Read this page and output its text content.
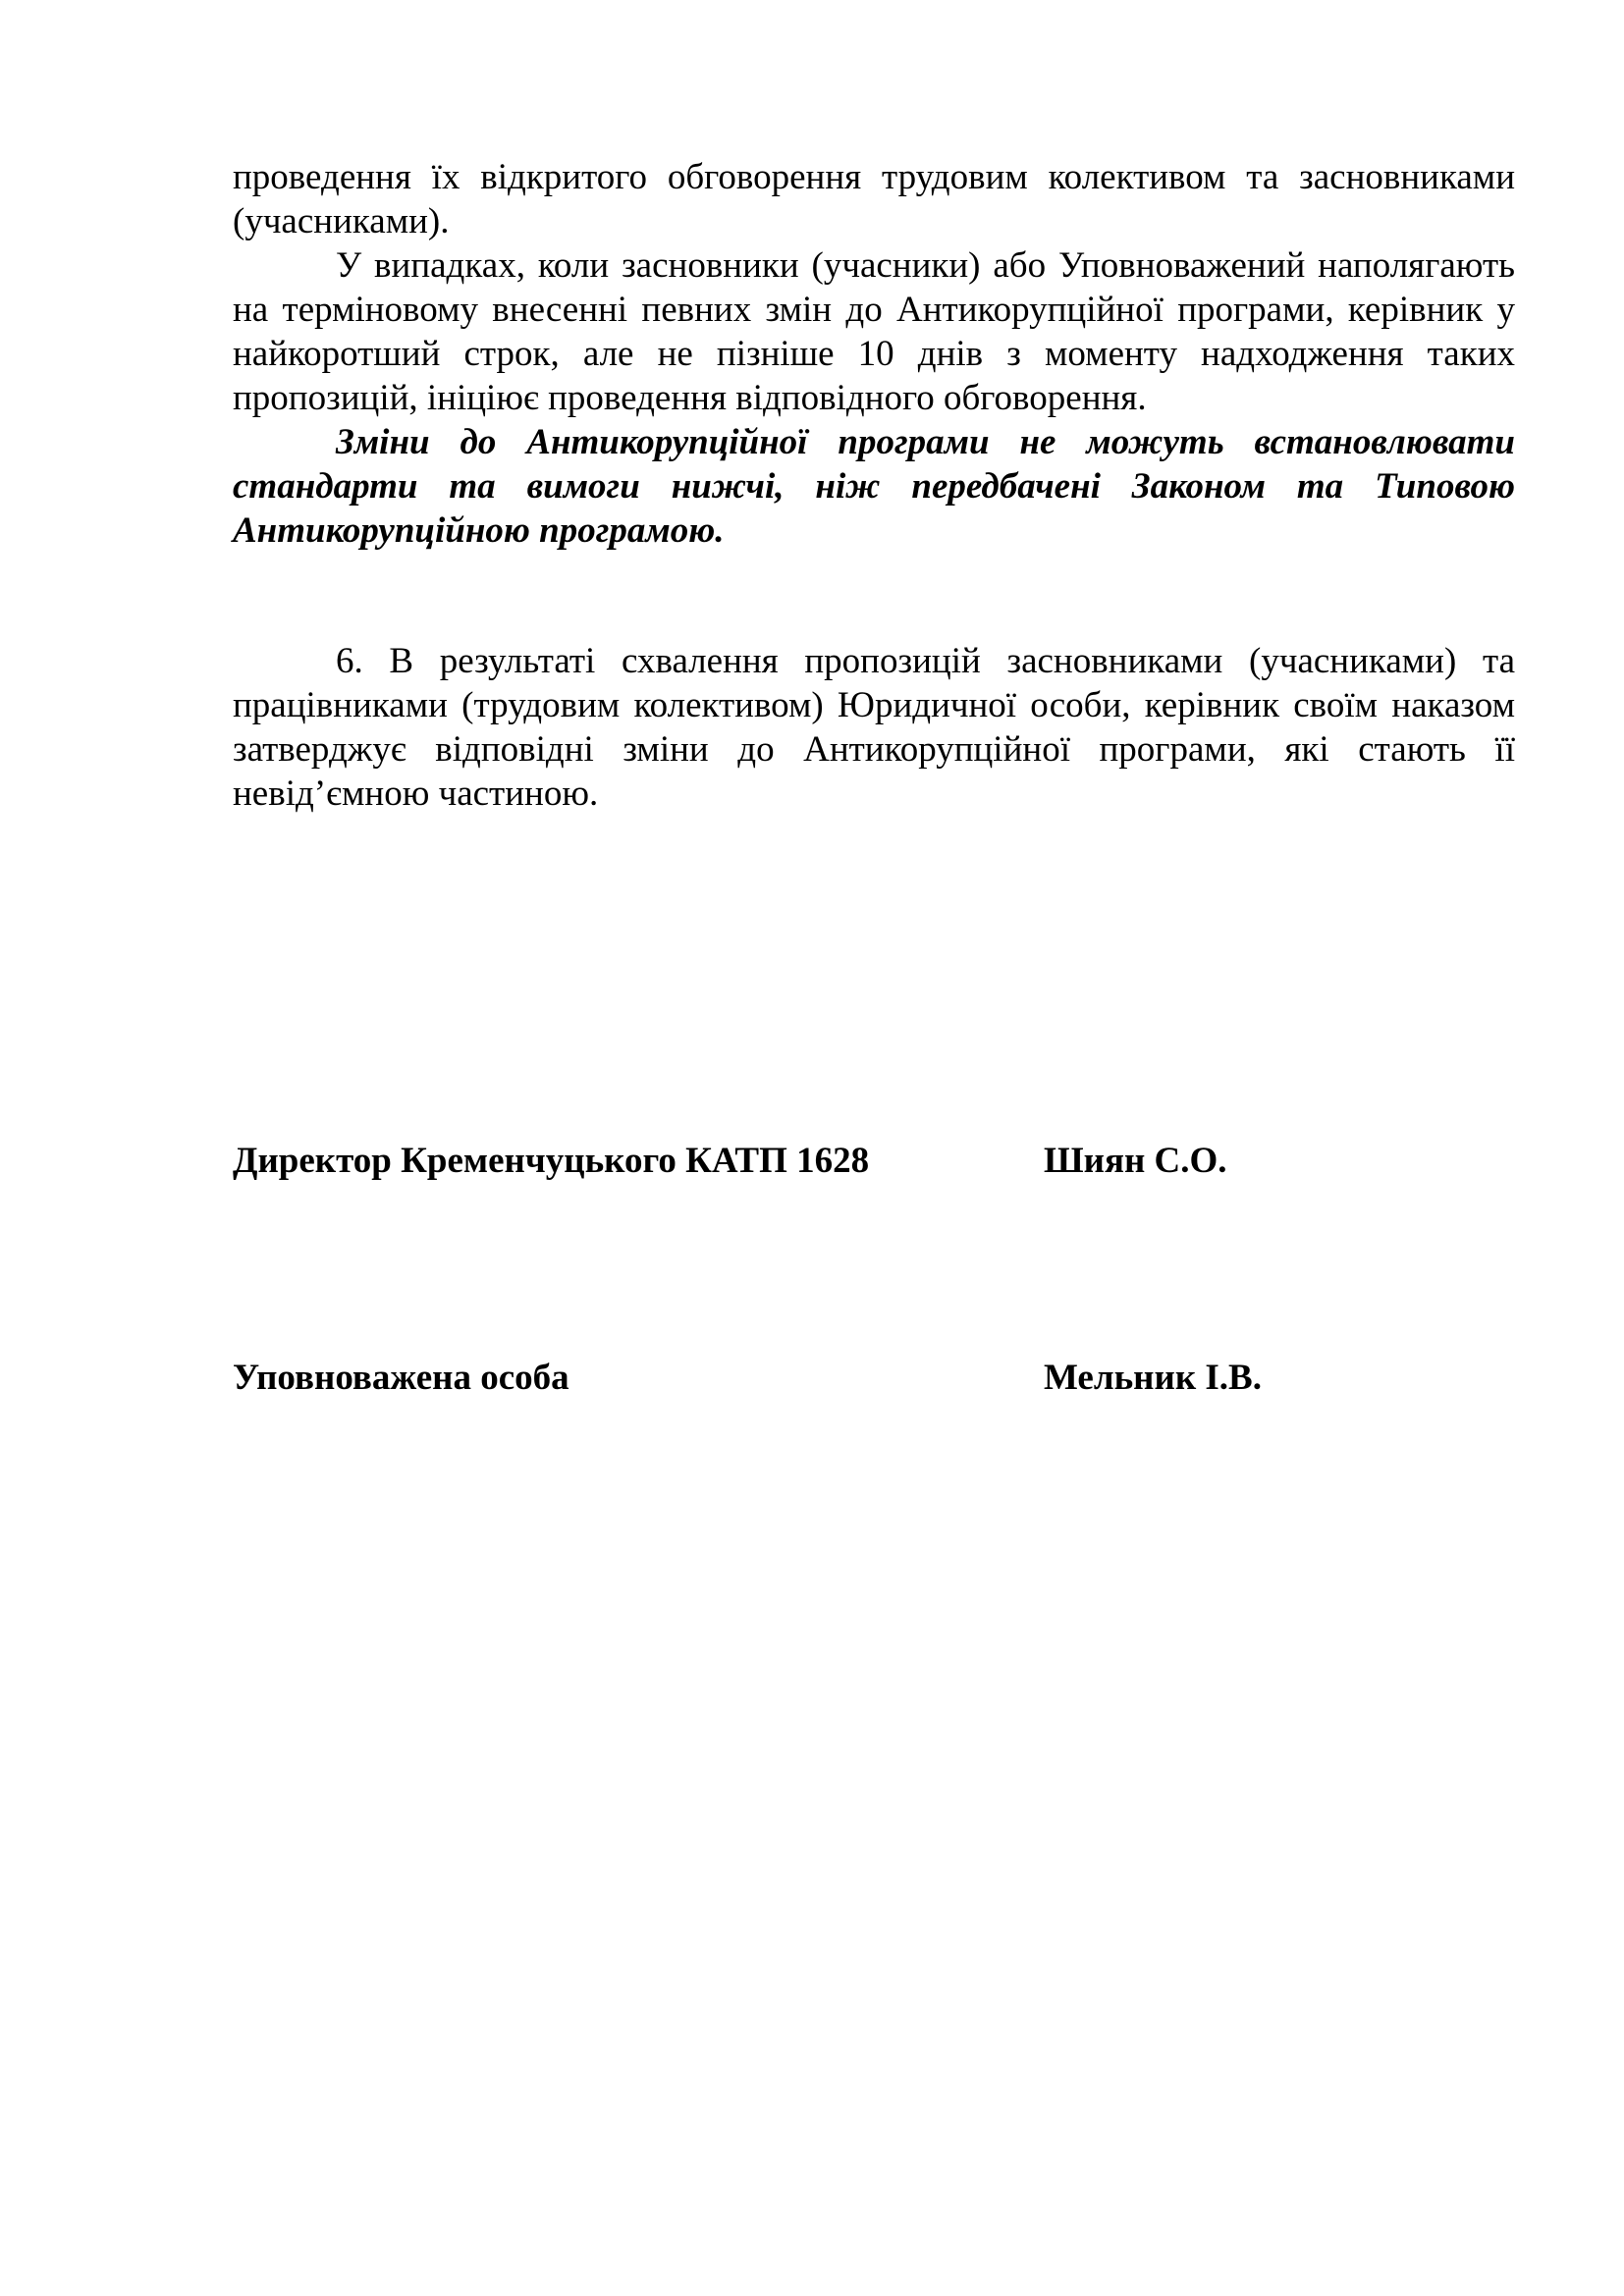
проведення їх відкритого обговорення трудовим колективом та засновниками (учасниками).

У випадках, коли засновники (учасники) або Уповноважений наполягають на терміновому внесенні певних змін до Антикорупційної програми, керівник у найкоротший строк, але не пізніше 10 днів з моменту надходження таких пропозицій, ініціює проведення відповідного обговорення.

Зміни до Антикорупційної програми не можуть встановлювати стандарти та вимоги нижчі, ніж передбачені Законом та Типовою Антикорупційною програмою.

6. В результаті схвалення пропозицій засновниками (учасниками) та працівниками (трудовим колективом) Юридичної особи, керівник своїм наказом затверджує відповідні зміни до Антикорупційної програми, які стають її невід’ємною частиною.

Директор Кременчуцького КАТП 1628	Шиян С.О.
Уповноважена особа	Мельник І.В.
